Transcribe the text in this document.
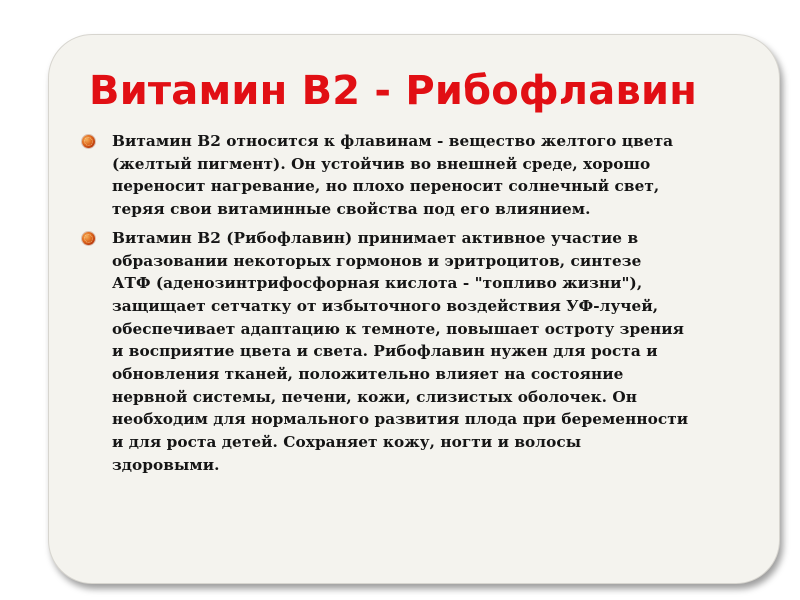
Витамин В2 - Рибофлавин

Витамин В2 относится к флавинам - вещество желтого цвета
(желтый пигмент). Он устойчив во внешней среде, хорошо
переносит нагревание, но плохо переносит солнечный свет,
теряя свои витаминные свойства под его влиянием.

Витамин В2 (Рибофлавин) принимает активное участие в
образовании некоторых гормонов и эритроцитов, синтезе
АТФ (аденозинтрифосфорная кислота - "топливо жизни"),
защищает сетчатку от избыточного воздействия УФ-лучей,
обеспечивает адаптацию к темноте, повышает остроту зрения
и восприятие цвета и света. Рибофлавин нужен для роста и
обновления тканей, положительно влияет на состояние
нервной системы, печени, кожи, слизистых оболочек. Он
необходим для нормального развития плода при беременности
и для роста детей. Сохраняет кожу, ногти и волосы
здоровыми.
